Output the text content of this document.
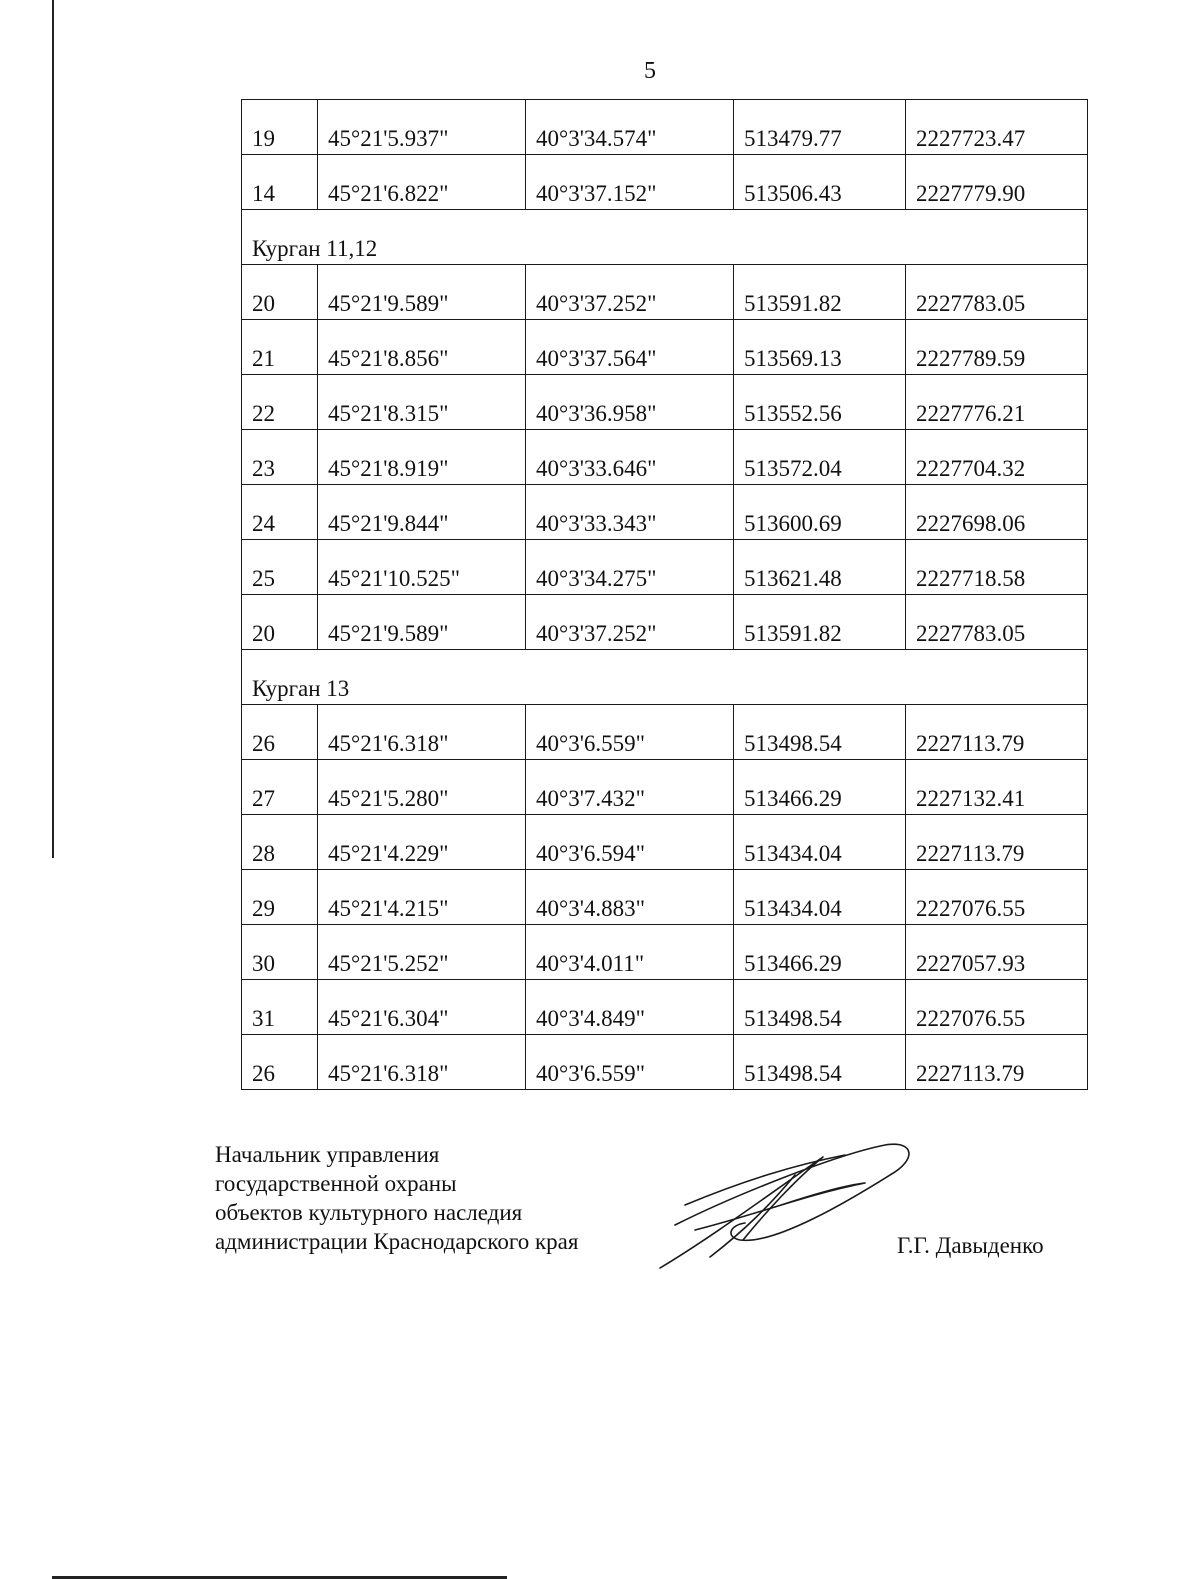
5
19	45°21'5.937"	40°3'34.574"	513479.77	2227723.47
14	45°21'6.822"	40°3'37.152"	513506.43	2227779.90
Курган 11,12				
20	45°21'9.589"	40°3'37.252"	513591.82	2227783.05
21	45°21'8.856"	40°3'37.564"	513569.13	2227789.59
22	45°21'8.315"	40°3'36.958"	513552.56	2227776.21
23	45°21'8.919"	40°3'33.646"	513572.04	2227704.32
24	45°21'9.844"	40°3'33.343"	513600.69	2227698.06
25	45°21'10.525"	40°3'34.275"	513621.48	2227718.58
20	45°21'9.589"	40°3'37.252"	513591.82	2227783.05
Курган 13				
26	45°21'6.318"	40°3'6.559"	513498.54	2227113.79
27	45°21'5.280"	40°3'7.432"	513466.29	2227132.41
28	45°21'4.229"	40°3'6.594"	513434.04	2227113.79
29	45°21'4.215"	40°3'4.883"	513434.04	2227076.55
30	45°21'5.252"	40°3'4.011"	513466.29	2227057.93
31	45°21'6.304"	40°3'4.849"	513498.54	2227076.55
26	45°21'6.318"	40°3'6.559"	513498.54	2227113.79
Начальник управления
государственной охраны
объектов культурного наследия
администрации Краснодарского края	Г.Г. Давыденко
